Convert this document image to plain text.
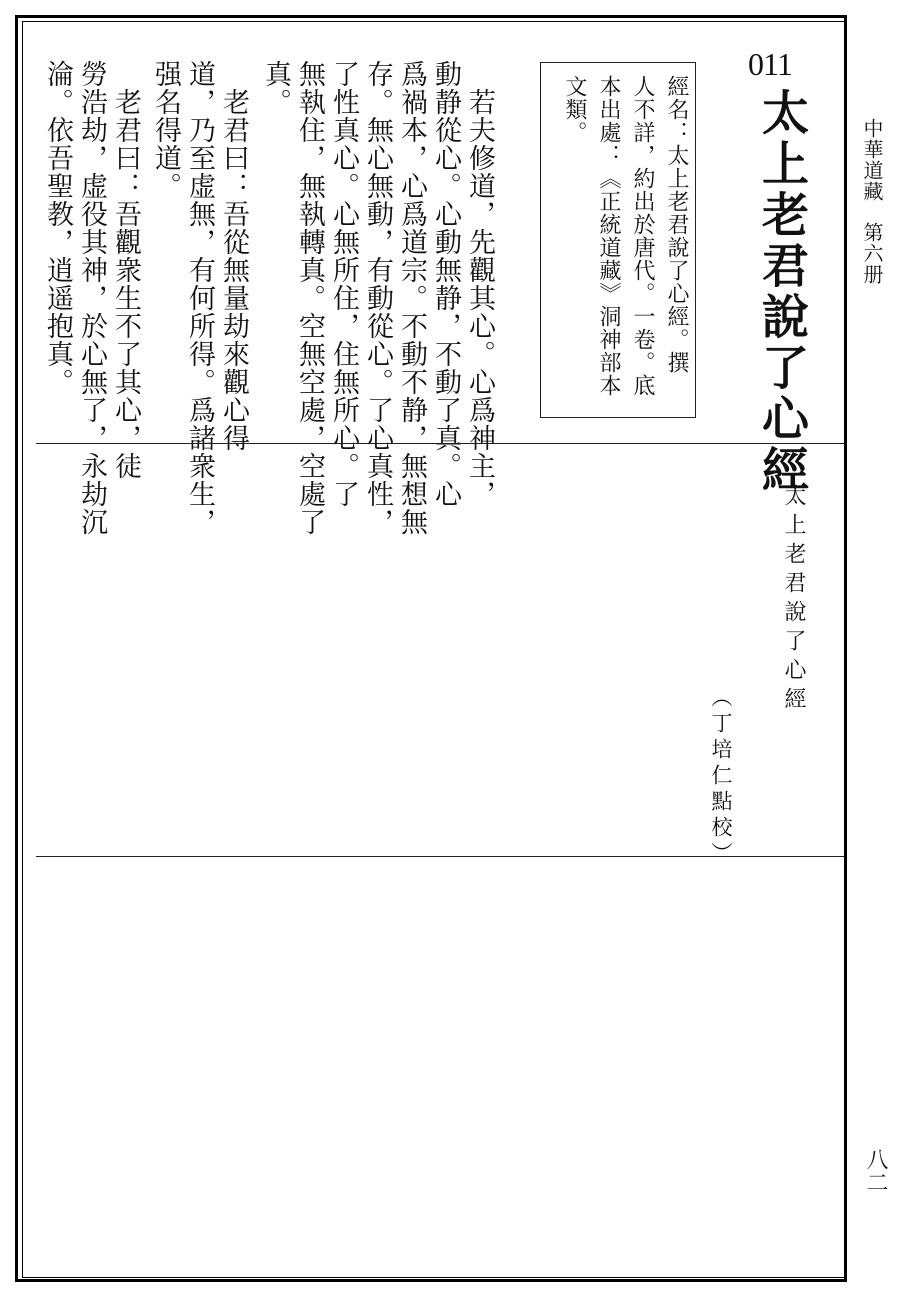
中華道藏
第六册
八二
011
太上老君說了心經
經名：太上老君說了心經。撰
人不詳，約出於唐代。一卷。底
本出處：《正統道藏》洞神部本
文類。
　若夫修道，先觀其心。心爲神主，
動静從心。心動無静，不動了真。心
爲禍本，心爲道宗。不動不静，無想無
存。無心無動，有動從心。了心真性，
了性真心。心無所住，住無所心。了
無執住，無執轉真。空無空處，空處了
真。
　老君曰：吾從無量劫來觀心得
道，乃至虚無，有何所得。爲諸衆生，
强名得道。
　老君曰：吾觀衆生不了其心，徒
勞浩劫，虚役其神，於心無了，永劫沉
淪。依吾聖教，逍遥抱真。
太上老君說了心經
（丁培仁點校）
